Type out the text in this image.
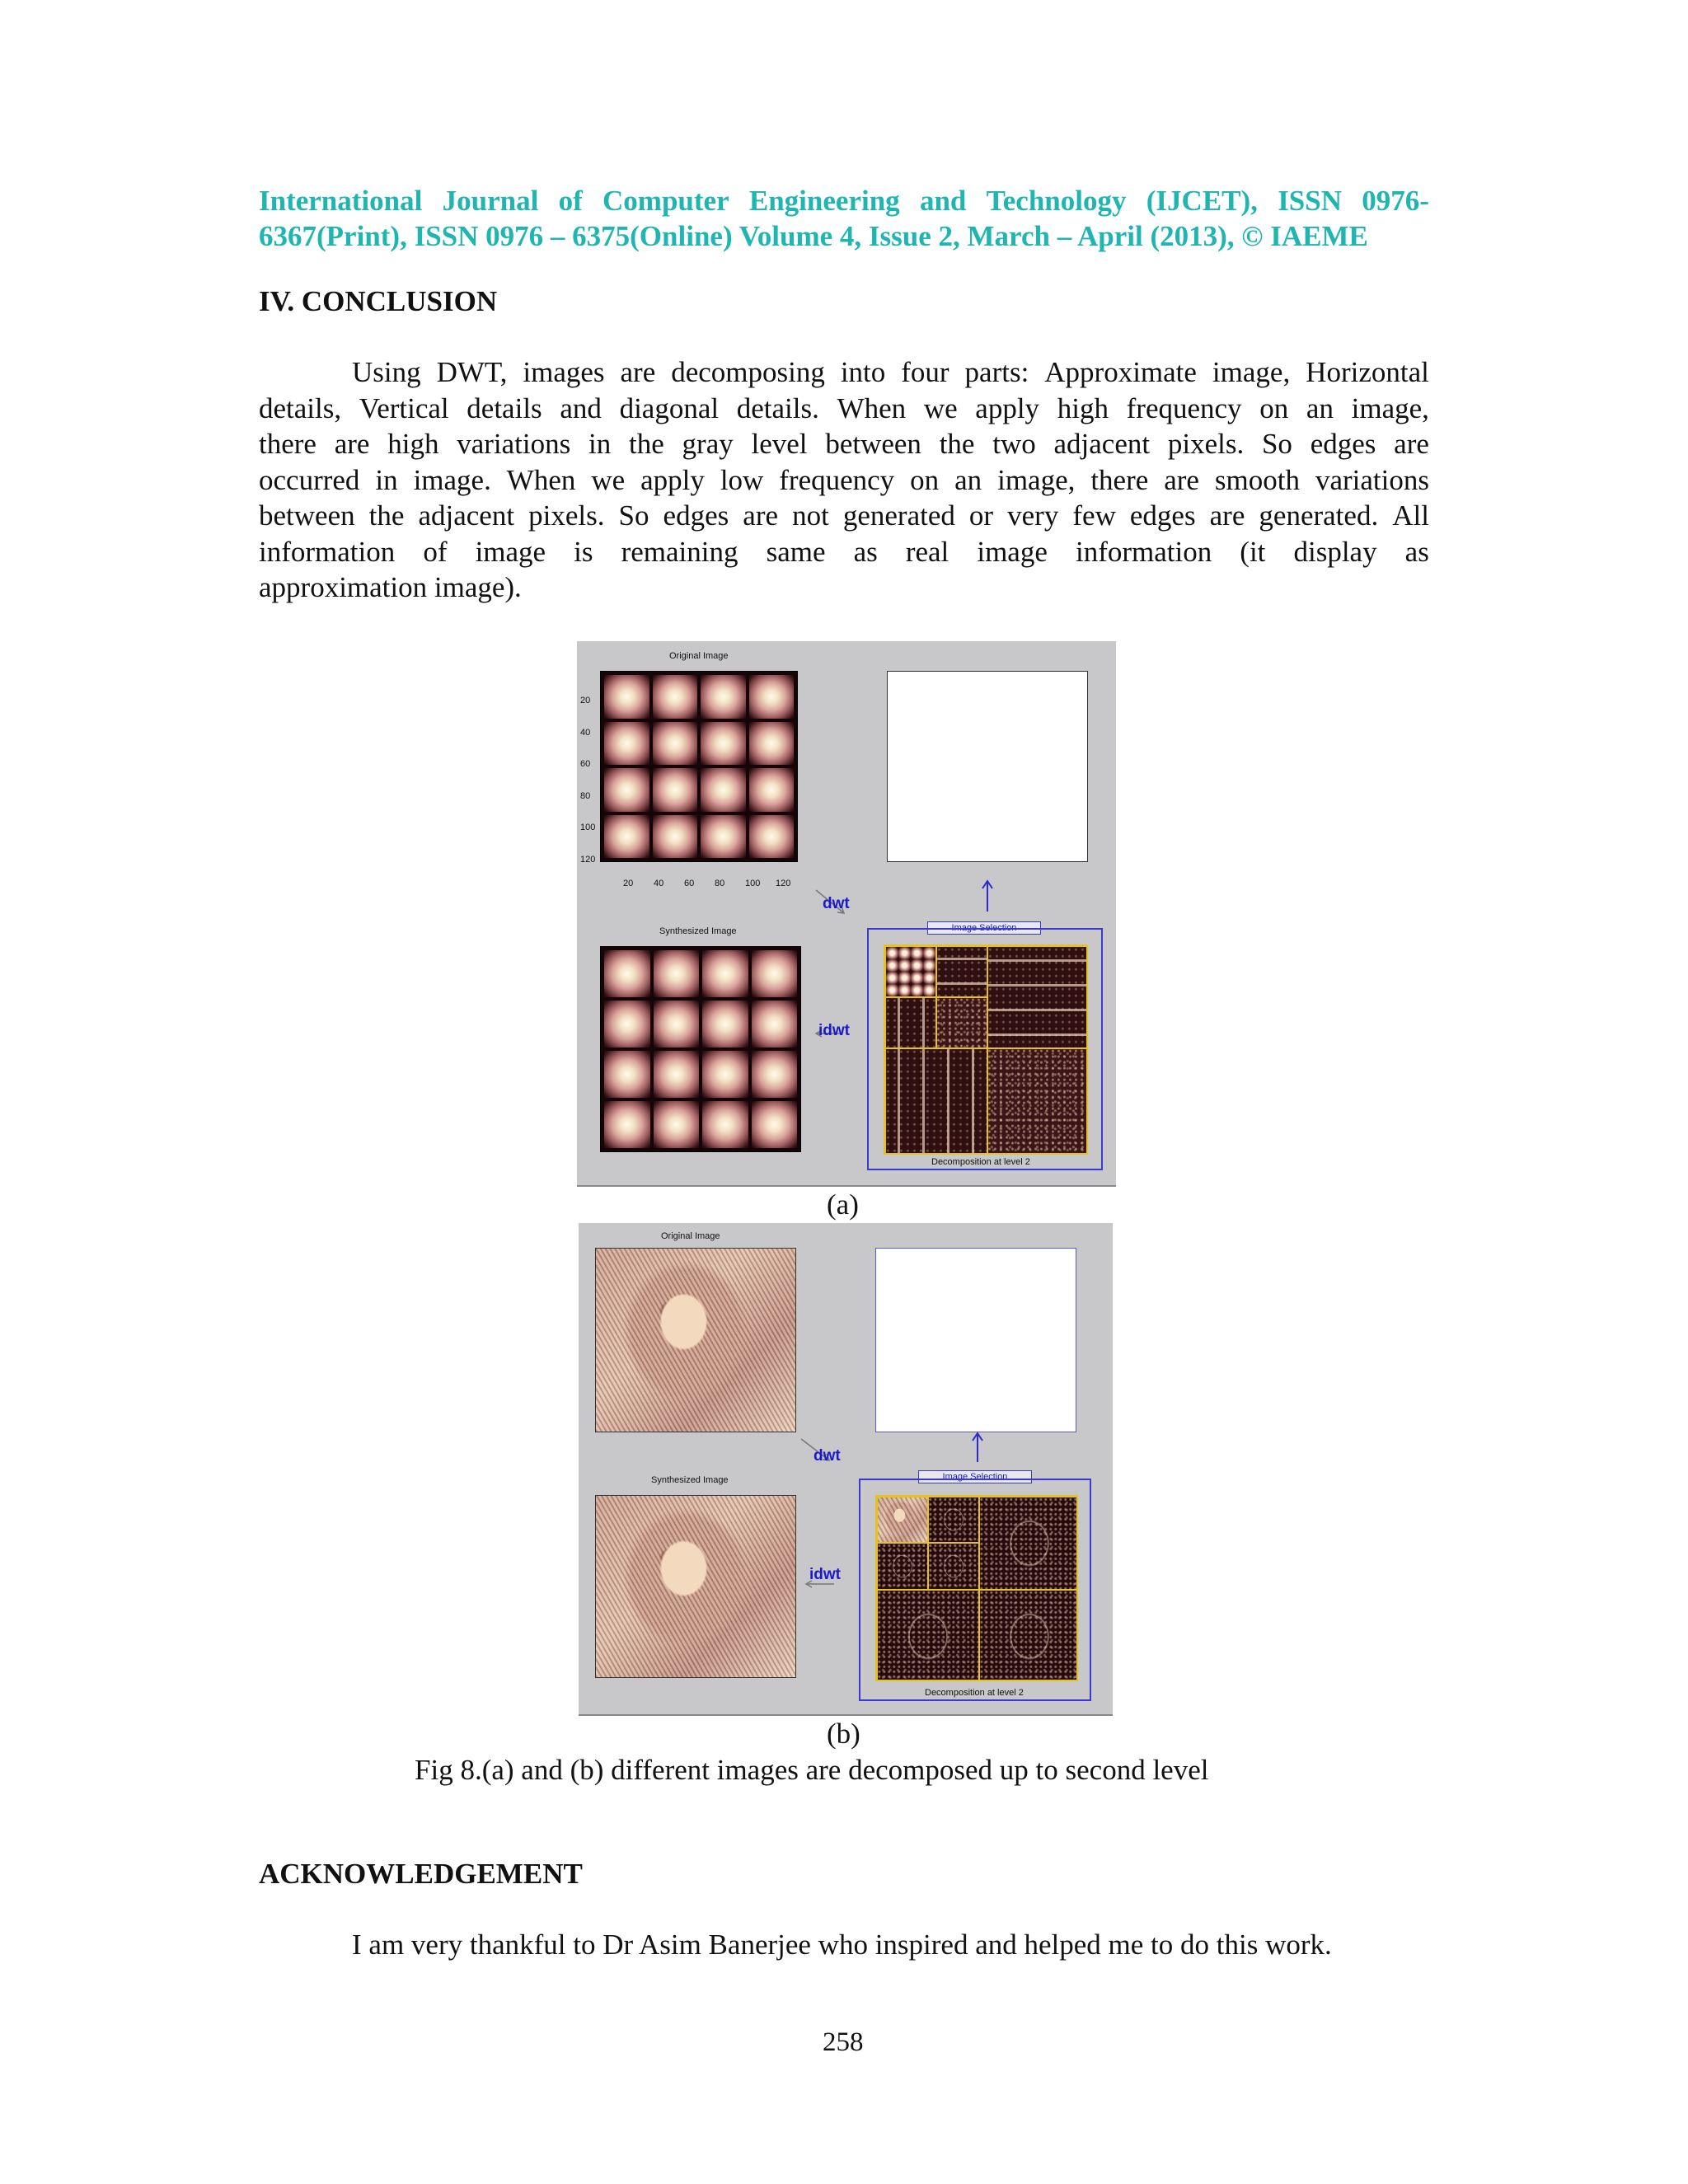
International Journal of Computer Engineering and Technology (IJCET), ISSN 0976-
6367(Print), ISSN 0976 – 6375(Online) Volume 4, Issue 2, March – April (2013), © IAEME
IV. CONCLUSION
Using DWT, images are decomposing into four parts: Approximate image, Horizontal
details, Vertical details and diagonal details. When we apply high frequency on an image,
there are high variations in the gray level between the two adjacent pixels. So edges are
occurred in image. When we apply low frequency on an image, there are smooth variations
between the adjacent pixels. So edges are not generated or very few edges are generated. All
information of image is remaining same as real image information (it display as
approximation image).
Original Image
dwt
idwt
Image Selection
Decomposition at level 2
Synthesized Image
20
40
60
80
100
120
20 40 60 80 100 120
(a)
Original Image
dwt
idwt
Image Selection
Decomposition at level 2
Synthesized Image
(b)
Fig 8.(a) and (b) different images are decomposed up to second level
ACKNOWLEDGEMENT
I am very thankful to Dr Asim Banerjee who inspired and helped me to do this work.
258
